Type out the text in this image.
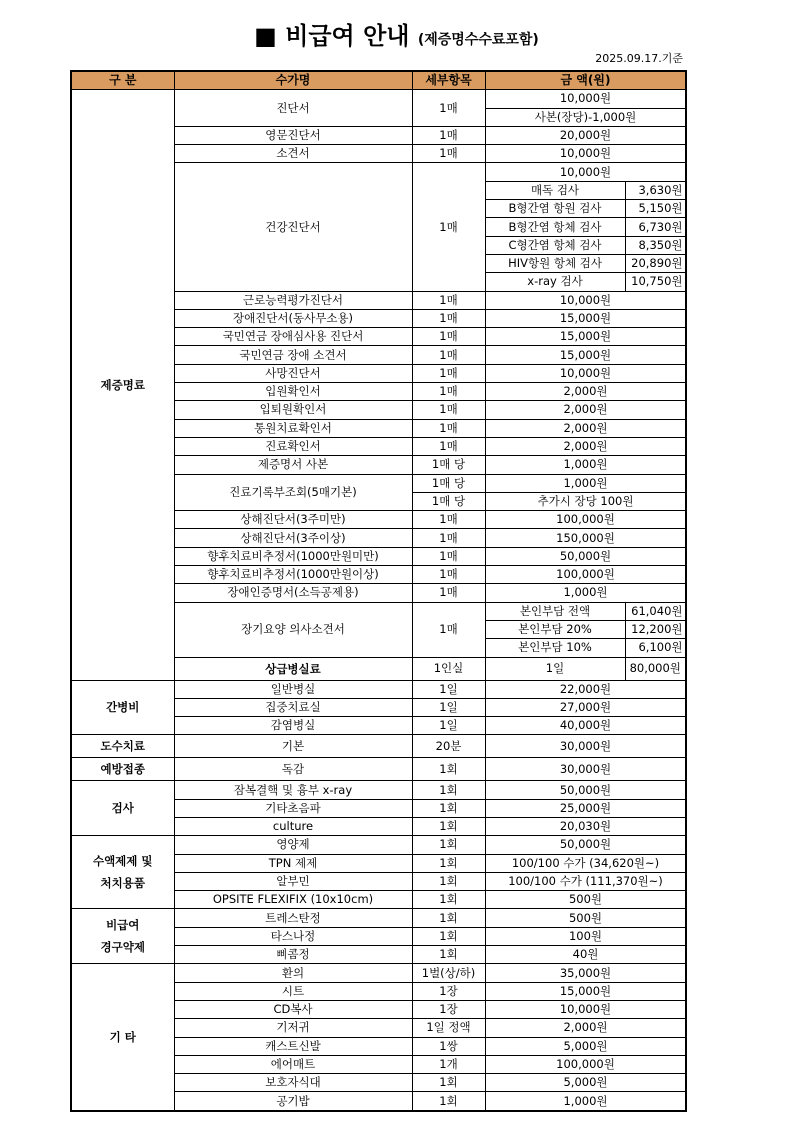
■ 비급여 안내 (제증명수수료포함)
2025.09.17.기준
구 분	수가명	세부항목	금 액(원)	
제증명료	진단서	1매	10,000원	
			사본(장당)-1,000원	
	영문진단서	1매	20,000원	
	소견서	1매	10,000원	
	건강진단서	1매	10,000원	
			매독 검사	3,630원
			B형간염 항원 검사	5,150원
			B형간염 항체 검사	6,730원
			C형간염 항체 검사	8,350원
			HIV항원 항체 검사	20,890원
			x-ray 검사	10,750원
	근로능력평가진단서	1매	10,000원	
	장애진단서(동사무소용)	1매	15,000원	
	국민연금 장애심사용 진단서	1매	15,000원	
	국민연금 장애 소견서	1매	15,000원	
	사망진단서	1매	10,000원	
	입원확인서	1매	2,000원	
	입퇴원확인서	1매	2,000원	
	통원치료확인서	1매	2,000원	
	진료확인서	1매	2,000원	
	제증명서 사본	1매 당	1,000원	
	진료기록부조회(5매기본)	1매 당	1,000원	
		1매 당	추가시 장당 100원	
	상해진단서(3주미만)	1매	100,000원	
	상해진단서(3주이상)	1매	150,000원	
	향후치료비추정서(1000만원미만)	1매	50,000원	
	향후치료비추정서(1000만원이상)	1매	100,000원	
	장애인증명서(소득공제용)	1매	1,000원	
	장기요양 의사소견서	1매	본인부담 전액	61,040원
			본인부담 20%	12,200원
			본인부담 10%	6,100원
	상급병실료	1인실	1일	80,000원
간병비	일반병실	1일	22,000원	
	집중치료실	1일	27,000원	
	감염병실	1일	40,000원	
도수치료	기본	20분	30,000원	
예방접종	독감	1회	30,000원	
검사	잠복결핵 및 흉부 x-ray	1회	50,000원	
	기타초음파	1회	25,000원	
	culture	1회	20,030원	
수액제제 및
처치용품	영양제	1회	50,000원	
	TPN 제제	1회	100/100 수가 (34,620원~)	
	알부민	1회	100/100 수가 (111,370원~)	
	OPSITE FLEXIFIX (10x10cm)	1회	500원	
비급여
경구약제	트레스탄정	1회	500원	
	타스나정	1회	100원	
	삐콤정	1회	40원	
기 타	환의	1벌(상/하)	35,000원	
	시트	1장	15,000원	
	CD복사	1장	10,000원	
	기저귀	1일 정액	2,000원	
	캐스트신발	1쌍	5,000원	
	에어매트	1개	100,000원	
	보호자식대	1회	5,000원	
	공기밥	1회	1,000원	
